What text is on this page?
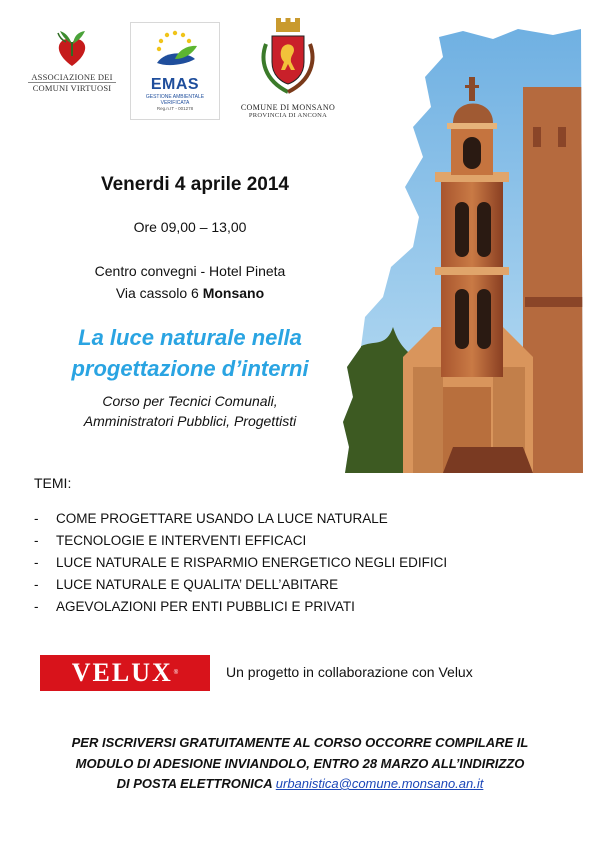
ASSOCIAZIONE DEI
COMUNI VIRTUOSI	EMAS
GESTIONE AMBIENTALE
VERIFICATA
Reg.n.IT - 001278	COMUNE DI MONSANO
PROVINCIA DI ANCONA
Venerdi 4 aprile 2014
Ore 09,00 – 13,00
Centro convegni - Hotel Pineta
Via cassolo 6 Monsano
La luce naturale nella
progettazione d’interni
Corso per Tecnici Comunali,
Amministratori Pubblici, Progettisti
TEMI:
-	COME PROGETTARE USANDO LA LUCE NATURALE
-	TECNOLOGIE E INTERVENTI EFFICACI
-	LUCE NATURALE E RISPARMIO ENERGETICO NEGLI EDIFICI
-	LUCE NATURALE E QUALITA’ DELL’ABITARE
-	AGEVOLAZIONI PER ENTI PUBBLICI E PRIVATI
VELUX ®	Un progetto in collaborazione con Velux
PER ISCRIVERSI GRATUITAMENTE AL CORSO OCCORRE COMPILARE IL
MODULO DI ADESIONE INVIANDOLO, ENTRO 28 MARZO ALL’INDIRIZZO
DI POSTA ELETTRONICA urbanistica@comune.monsano.an.it
